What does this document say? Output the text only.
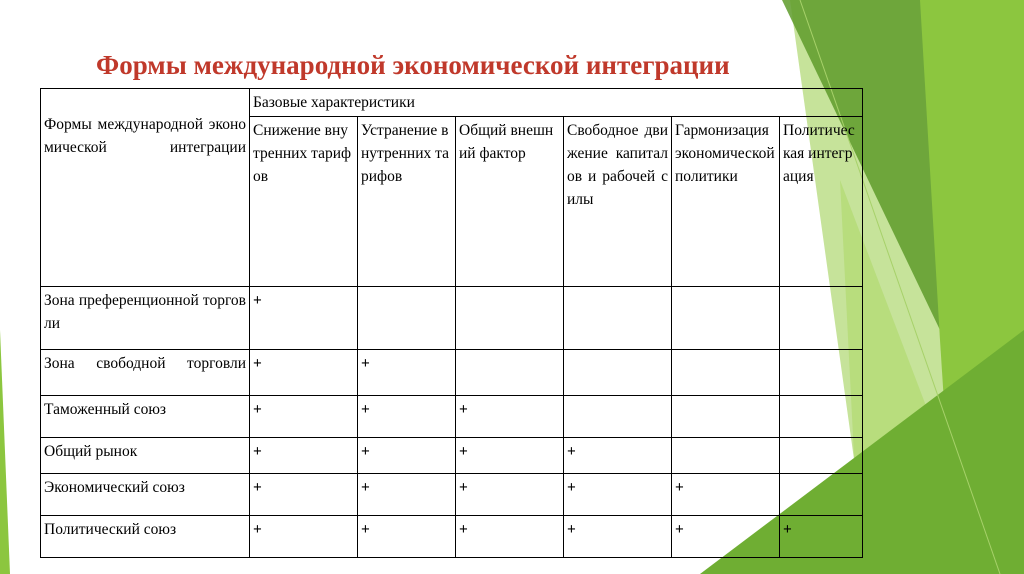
Формы международной экономической интеграции
Формы международной экономической интеграции	Базовые характеристики					
	Снижение внутренних тарифов	Устранение внутренних тарифов	Общий внешний фактор	Свободное движение капиталов и рабочей силы	Гармонизация экономической политики	Политическая интеграция
Зона преференционной торговли	+					
Зона свободной торговли	+	+				
Таможенный союз	+	+	+			
Общий рынок	+	+	+	+		
Экономический союз	+	+	+	+	+	
Политический союз	+	+	+	+	+	+
